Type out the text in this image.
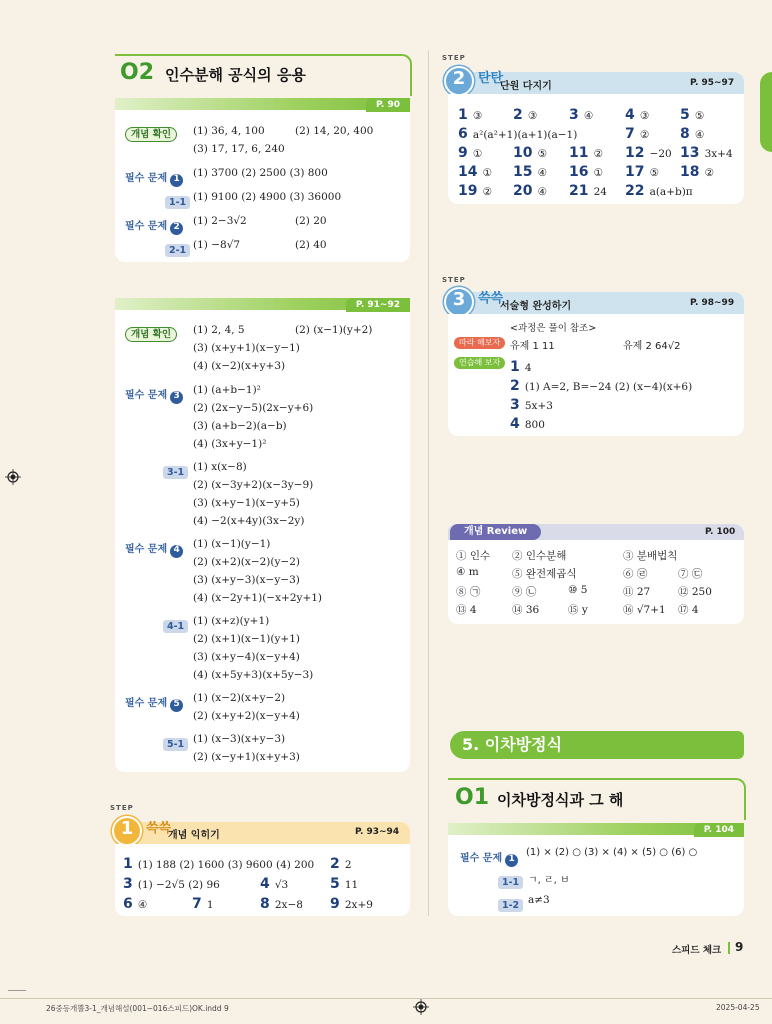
O2 인수분해 공식의 응용
P. 90
개념 확인	(1) 36, 4, 100	(2) 14, 20, 400
(3) 17, 17, 6, 240
필수 문제 1	(1) 3700 (2) 2500 (3) 800
1-1 (1) 9100 (2) 4900 (3) 36000
필수 문제 2	(1) 2−3√2	(2) 20
2-1 (1) −8√7	(2) 40
P. 91∼92
개념 확인	(1) 2, 4, 5	(2) (x−1)(y+2)
(3) (x+y+1)(x−y−1)
(4) (x−2)(x+y+3)
필수 문제 3	(1) (a+b−1)²
(2) (2x−y−5)(2x−y+6)
(3) (a+b−2)(a−b)
(4) (3x+y−1)²
3-1 (1) x(x−8)
(2) (x−3y+2)(x−3y−9)
(3) (x+y−1)(x−y+5)
(4) −2(x+4y)(3x−2y)
필수 문제 4	(1) (x−1)(y−1)
(2) (x+2)(x−2)(y−2)
(3) (x+y−3)(x−y−3)
(4) (x−2y+1)(−x+2y+1)
4-1 (1) (x+z)(y+1)
(2) (x+1)(x−1)(y+1)
(3) (x+y−4)(x−y+4)
(4) (x+5y+3)(x+5y−3)
필수 문제 5	(1) (x−2)(x+y−2)
(2) (x+y+2)(x−y+4)
5-1 (1) (x−3)(x+y−3)
(2) (x−y+1)(x+y+3)
STEP
1 쓱쓱
개념 익히기	P. 93∼94
1 (1) 188 (2) 1600 (3) 9600 (4) 200 2 2
3 (1) −2√5 (2) 96	4 √3	5 11
6 ④	7 1	8 2x−8 9 2x+9
STEP
2 탄탄
단원 다지기	P. 95∼97
1 ③ 2 ③ 3 ④ 4 ③ 5 ⑤
6 a²(a²+1)(a+1)(a−1)	7 ② 8 ④
9 ① 10 ⑤ 11 ② 12 −20 13 3x+4
14 ① 15 ④ 16 ① 17 ⑤ 18 ②
19 ② 20 ④ 21 24 22 a(a+b)π
STEP
3 쓱쓱
서술형 완성하기	P. 98∼99
<과정은 풀이 참조>
따라 해보자 유제 1 11	유제 2 64√2
연습해 보자 1 4
2 (1) A=2, B=−24 (2) (x−4)(x+6)
3 5x+3
4 800
개념 Review	P. 100
① 인수 ② 인수분해	③ 분배법칙
④ m	⑤ 완전제곱식	⑥ ㉣	⑦ ㉢
⑧ ㉠	⑨ ㉡	⑩ 5	⑪ 27	⑫ 250
⑬ 4	⑭ 36	⑮ y	⑯ √7+1 ⑰ 4
5. 이차방정식
O1 이차방정식과 그 해
P. 104
필수 문제 1
(1) × (2) ○ (3) × (4) × (5) ○ (6) ○
1-1 ㄱ, ㄹ, ㅂ
1-2 a≠3
스피드 체크 9
26중등개뿔3-1_개념해설(001~016스피드)OK.indd 9	2025-04-25
